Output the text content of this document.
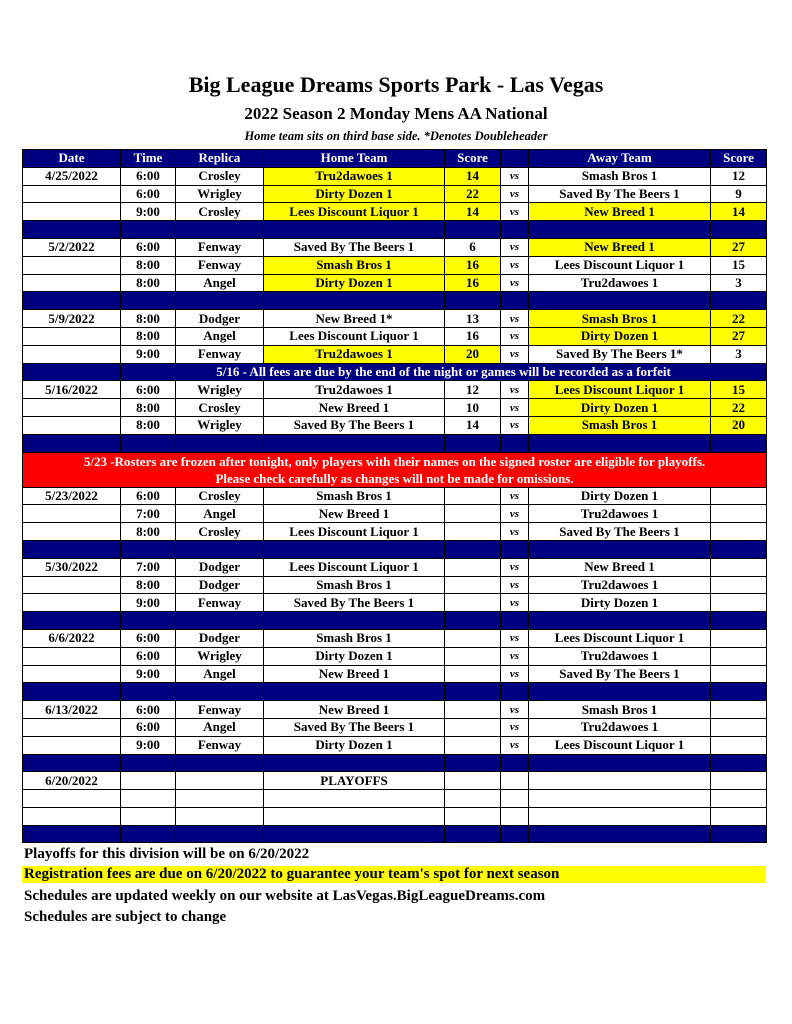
Big League Dreams Sports Park - Las Vegas
2022 Season 2 Monday Mens AA National
Home team sits on third base side. *Denotes Doubleheader
Date	Time	Replica	Home Team	Score		Away Team	Score
4/25/2022	6:00	Crosley	Tru2dawoes 1	14	vs	Smash Bros 1	12
	6:00	Wrigley	Dirty Dozen 1	22	vs	Saved By The Beers 1	9
	9:00	Crosley	Lees Discount Liquor 1	14	vs	New Breed 1	14

5/2/2022	6:00	Fenway	Saved By The Beers 1	6	vs	New Breed 1	27
	8:00	Fenway	Smash Bros 1	16	vs	Lees Discount Liquor 1	15
	8:00	Angel	Dirty Dozen 1	16	vs	Tru2dawoes 1	3

5/9/2022	8:00	Dodger	New Breed 1*	13	vs	Smash Bros 1	22
	8:00	Angel	Lees Discount Liquor 1	16	vs	Dirty Dozen 1	27
	9:00	Fenway	Tru2dawoes 1	20	vs	Saved By The Beers 1*	3
	5/16 - All fees are due by the end of the night or games will be recorded as a forfeit						
5/16/2022	6:00	Wrigley	Tru2dawoes 1	12	vs	Lees Discount Liquor 1	15
	8:00	Crosley	New Breed 1	10	vs	Dirty Dozen 1	22
	8:00	Wrigley	Saved By The Beers 1	14	vs	Smash Bros 1	20

5/23 -Rosters are frozen after tonight, only players with their names on the signed roster are eligible for playoffs.
Please check carefully as changes will not be made for omissions.							

5/23/2022	6:00	Crosley	Smash Bros 1		vs	Dirty Dozen 1	
	7:00	Angel	New Breed 1		vs	Tru2dawoes 1	
	8:00	Crosley	Lees Discount Liquor 1		vs	Saved By The Beers 1	

5/30/2022	7:00	Dodger	Lees Discount Liquor 1		vs	New Breed 1	
	8:00	Dodger	Smash Bros 1		vs	Tru2dawoes 1	
	9:00	Fenway	Saved By The Beers 1		vs	Dirty Dozen 1	

6/6/2022	6:00	Dodger	Smash Bros 1		vs	Lees Discount Liquor 1	
	6:00	Wrigley	Dirty Dozen 1		vs	Tru2dawoes 1	
	9:00	Angel	New Breed 1		vs	Saved By The Beers 1	

6/13/2022	6:00	Fenway	New Breed 1		vs	Smash Bros 1	
	6:00	Angel	Saved By The Beers 1		vs	Tru2dawoes 1	
	9:00	Fenway	Dirty Dozen 1		vs	Lees Discount Liquor 1	

6/20/2022			PLAYOFFS				

Playoffs for this division will be on 6/20/2022
Registration fees are due on 6/20/2022 to guarantee your team's spot for next season
Schedules are updated weekly on our website at LasVegas.BigLeagueDreams.com
Schedules are subject to change
